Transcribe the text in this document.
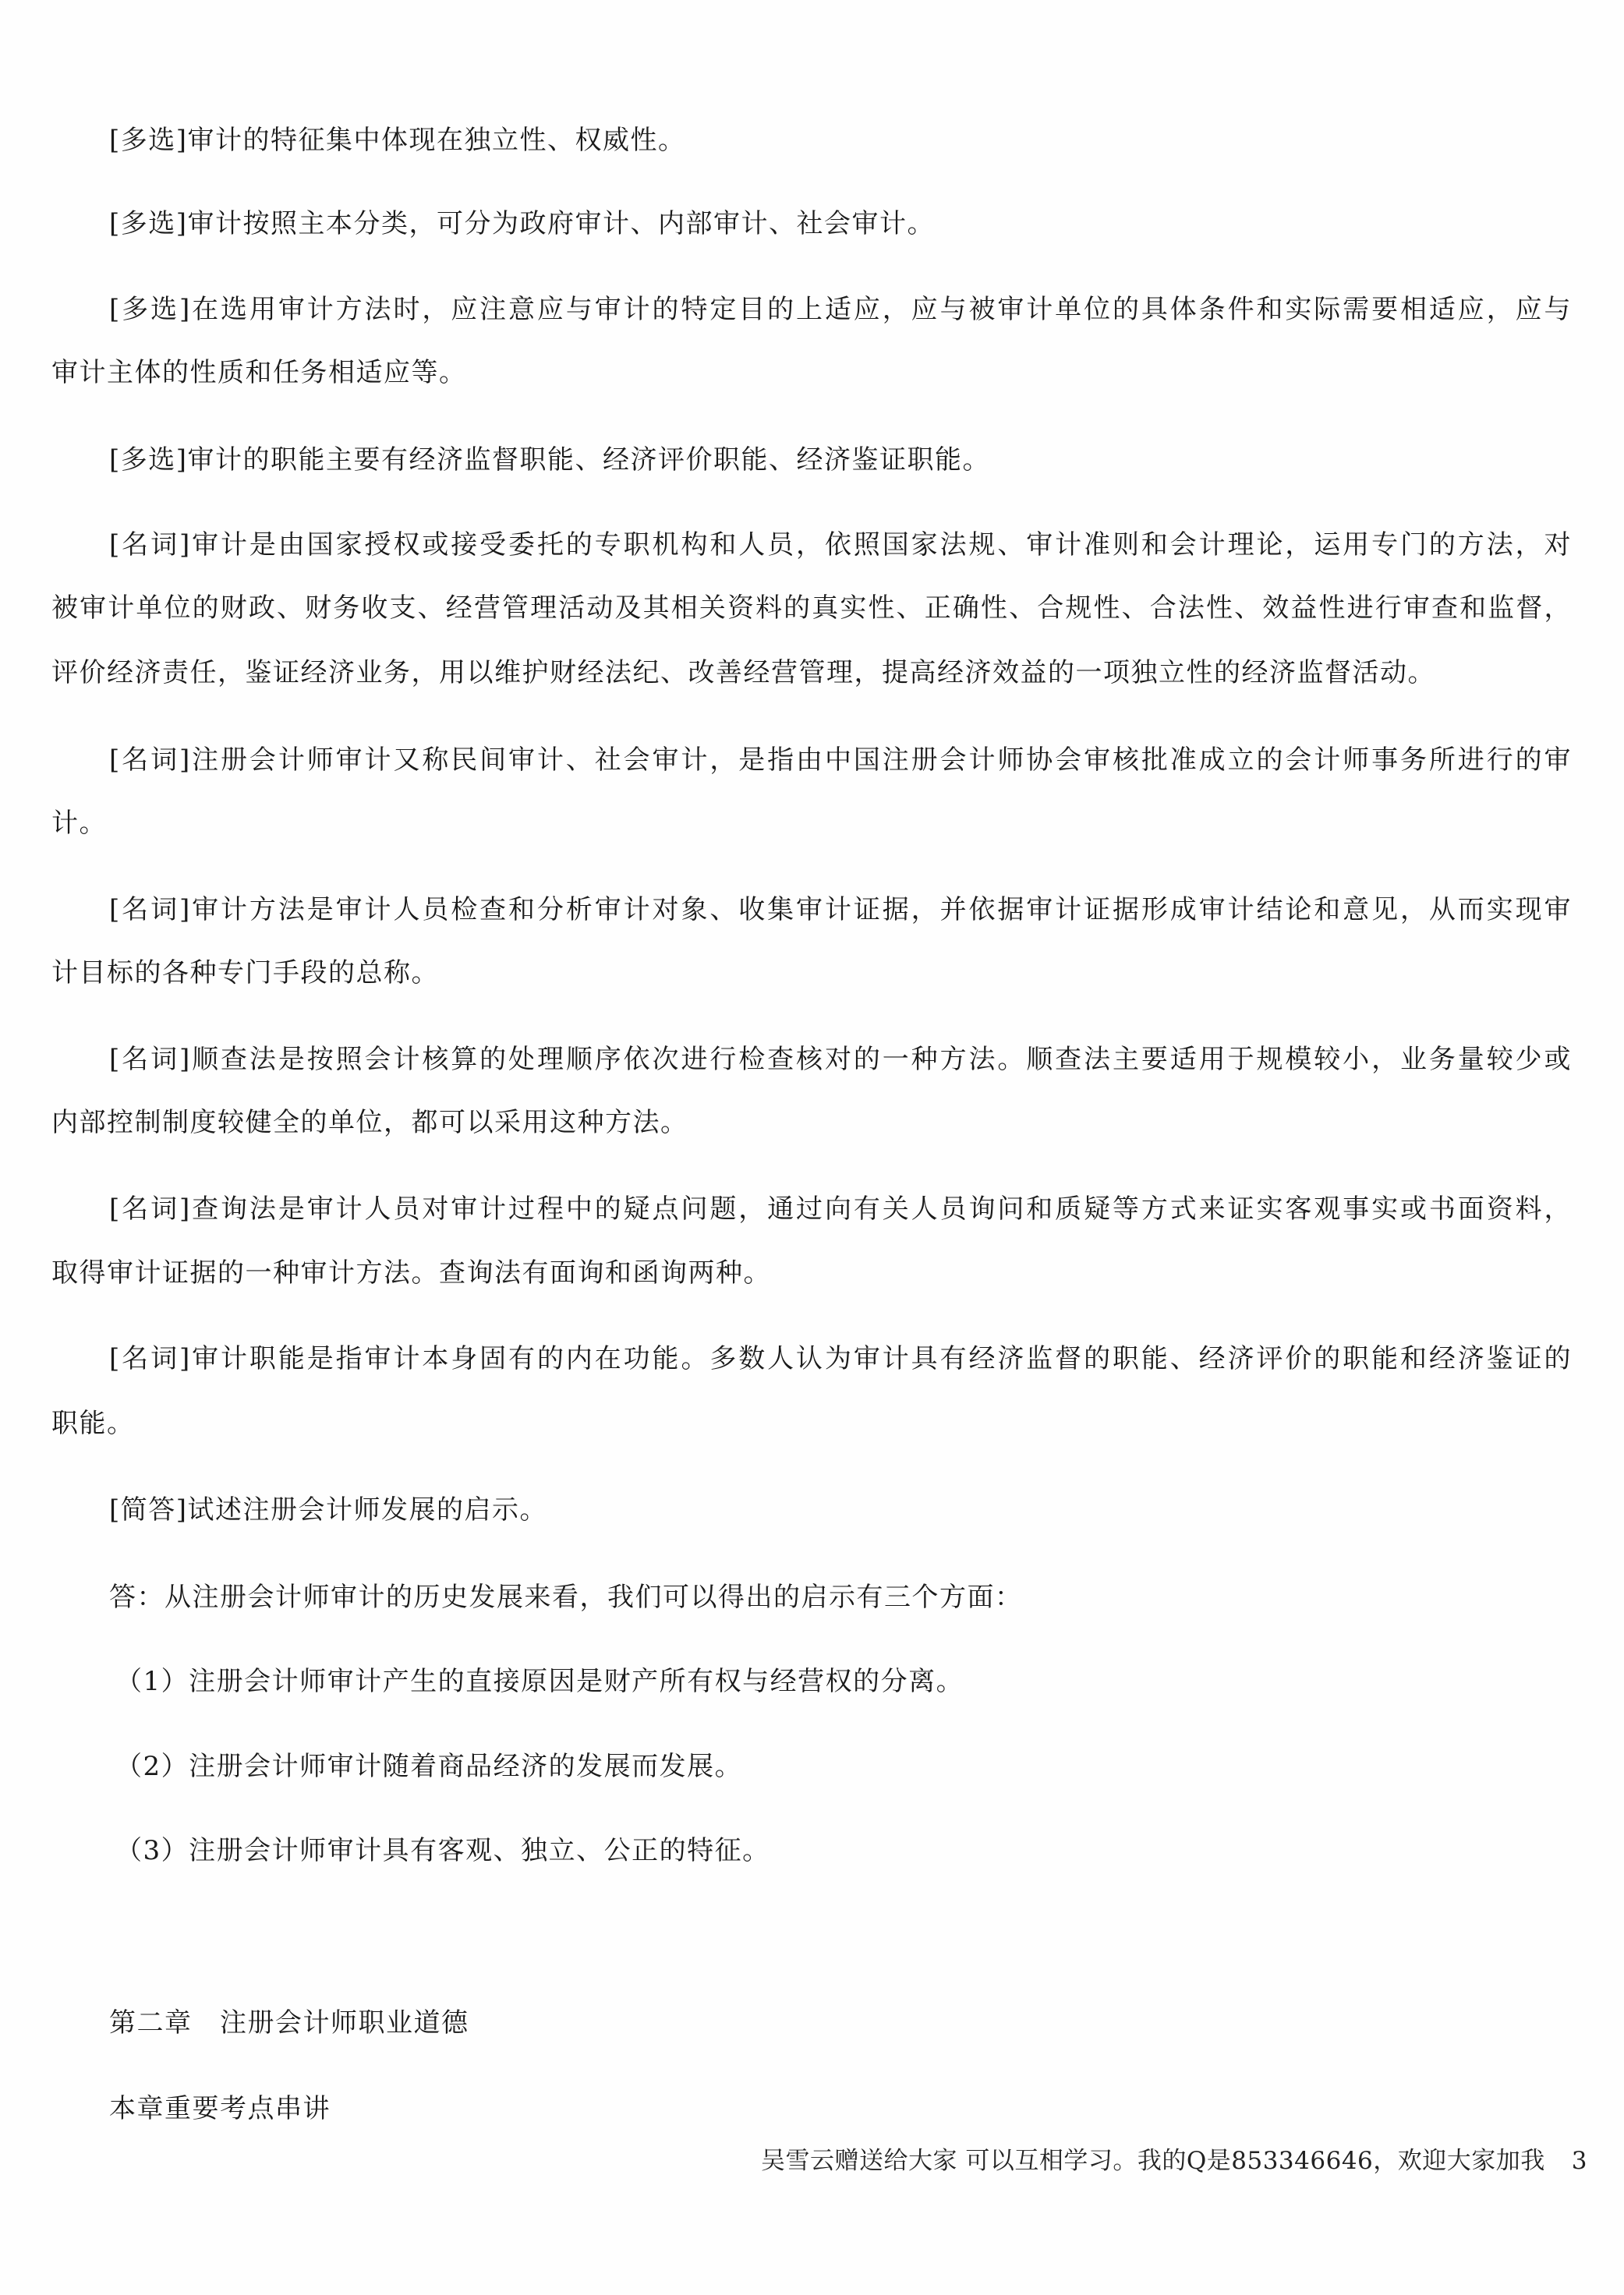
[多选]审计的特征集中体现在独立性、权威性。
[多选]审计按照主本分类，可分为政府审计、内部审计、社会审计。
[多选]在选用审计方法时，应注意应与审计的特定目的上适应，应与被审计单位的具体条件和实际需要相适应，应与
审计主体的性质和任务相适应等。
[多选]审计的职能主要有经济监督职能、经济评价职能、经济鉴证职能。
[名词]审计是由国家授权或接受委托的专职机构和人员，依照国家法规、审计准则和会计理论，运用专门的方法，对
被审计单位的财政、财务收支、经营管理活动及其相关资料的真实性、正确性、合规性、合法性、效益性进行审查和监督，
评价经济责任，鉴证经济业务，用以维护财经法纪、改善经营管理，提高经济效益的一项独立性的经济监督活动。
[名词]注册会计师审计又称民间审计、社会审计，是指由中国注册会计师协会审核批准成立的会计师事务所进行的审
计。
[名词]审计方法是审计人员检查和分析审计对象、收集审计证据，并依据审计证据形成审计结论和意见，从而实现审
计目标的各种专门手段的总称。
[名词]顺查法是按照会计核算的处理顺序依次进行检查核对的一种方法。顺查法主要适用于规模较小，业务量较少或
内部控制制度较健全的单位，都可以采用这种方法。
[名词]查询法是审计人员对审计过程中的疑点问题，通过向有关人员询问和质疑等方式来证实客观事实或书面资料，
取得审计证据的一种审计方法。查询法有面询和函询两种。
[名词]审计职能是指审计本身固有的内在功能。多数人认为审计具有经济监督的职能、经济评价的职能和经济鉴证的
职能。
[简答]试述注册会计师发展的启示。
答：从注册会计师审计的历史发展来看，我们可以得出的启示有三个方面：
（1）注册会计师审计产生的直接原因是财产所有权与经营权的分离。
（2）注册会计师审计随着商品经济的发展而发展。
（3）注册会计师审计具有客观、独立、公正的特征。
第二章　注册会计师职业道德
本章重要考点串讲
吴雪云赠送给大家 可以互相学习。我的Q是853346646，欢迎大家加我 3
